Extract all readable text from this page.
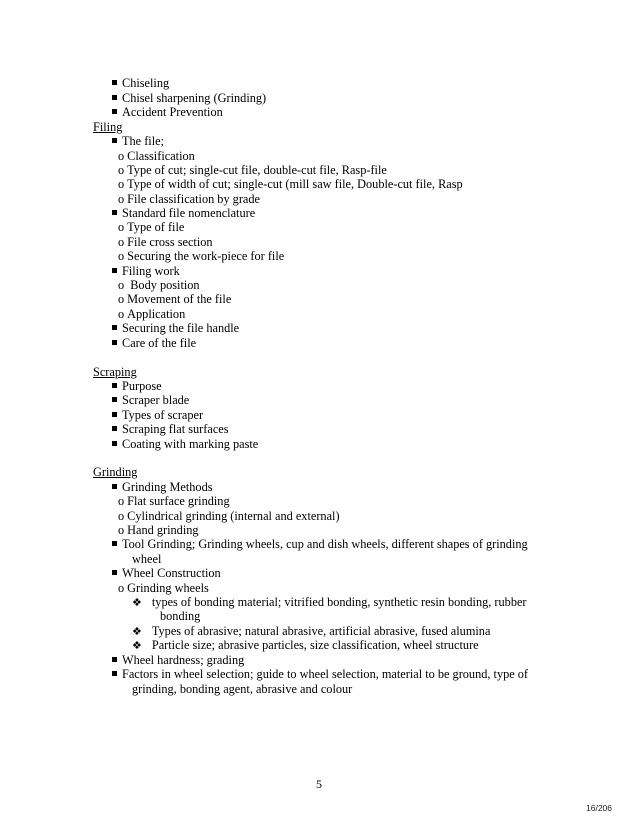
Chiseling
Chisel sharpening (Grinding)
Accident Prevention
Filing
The file;
o Classification
o Type of cut; single-cut file, double-cut file, Rasp-file
o Type of width of cut; single-cut (mill saw file, Double-cut file, Rasp
o File classification by grade
Standard file nomenclature
o Type of file
o File cross section
o Securing the work-piece for file
Filing work
o Body position
o Movement of the file
o Application
Securing the file handle
Care of the file
Scraping
Purpose
Scraper blade
Types of scraper
Scraping flat surfaces
Coating with marking paste
Grinding
Grinding Methods
o Flat surface grinding
o Cylindrical grinding (internal and external)
o Hand grinding
Tool Grinding; Grinding wheels, cup and dish wheels, different shapes of grinding
wheel
Wheel Construction
o Grinding wheels
❖ types of bonding material; vitrified bonding, synthetic resin bonding, rubber
bonding
❖ Types of abrasive; natural abrasive, artificial abrasive, fused alumina
❖ Particle size; abrasive particles, size classification, wheel structure
Wheel hardness; grading
Factors in wheel selection; guide to wheel selection, material to be ground, type of
grinding, bonding agent, abrasive and colour
5
16/206
